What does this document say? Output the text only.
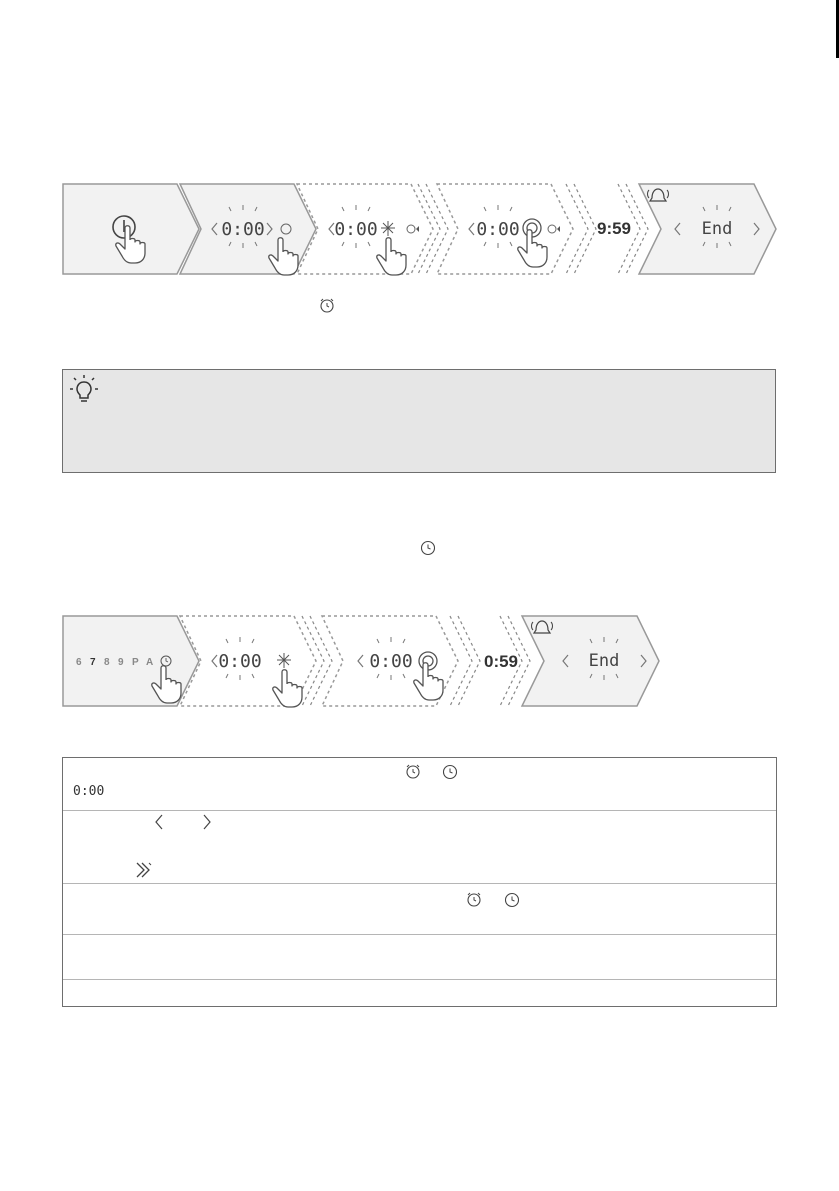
0:00	0:00	0:00	9:59	End
6 7 8 9 P A	0:00	0:00	0:59	End
0:00
